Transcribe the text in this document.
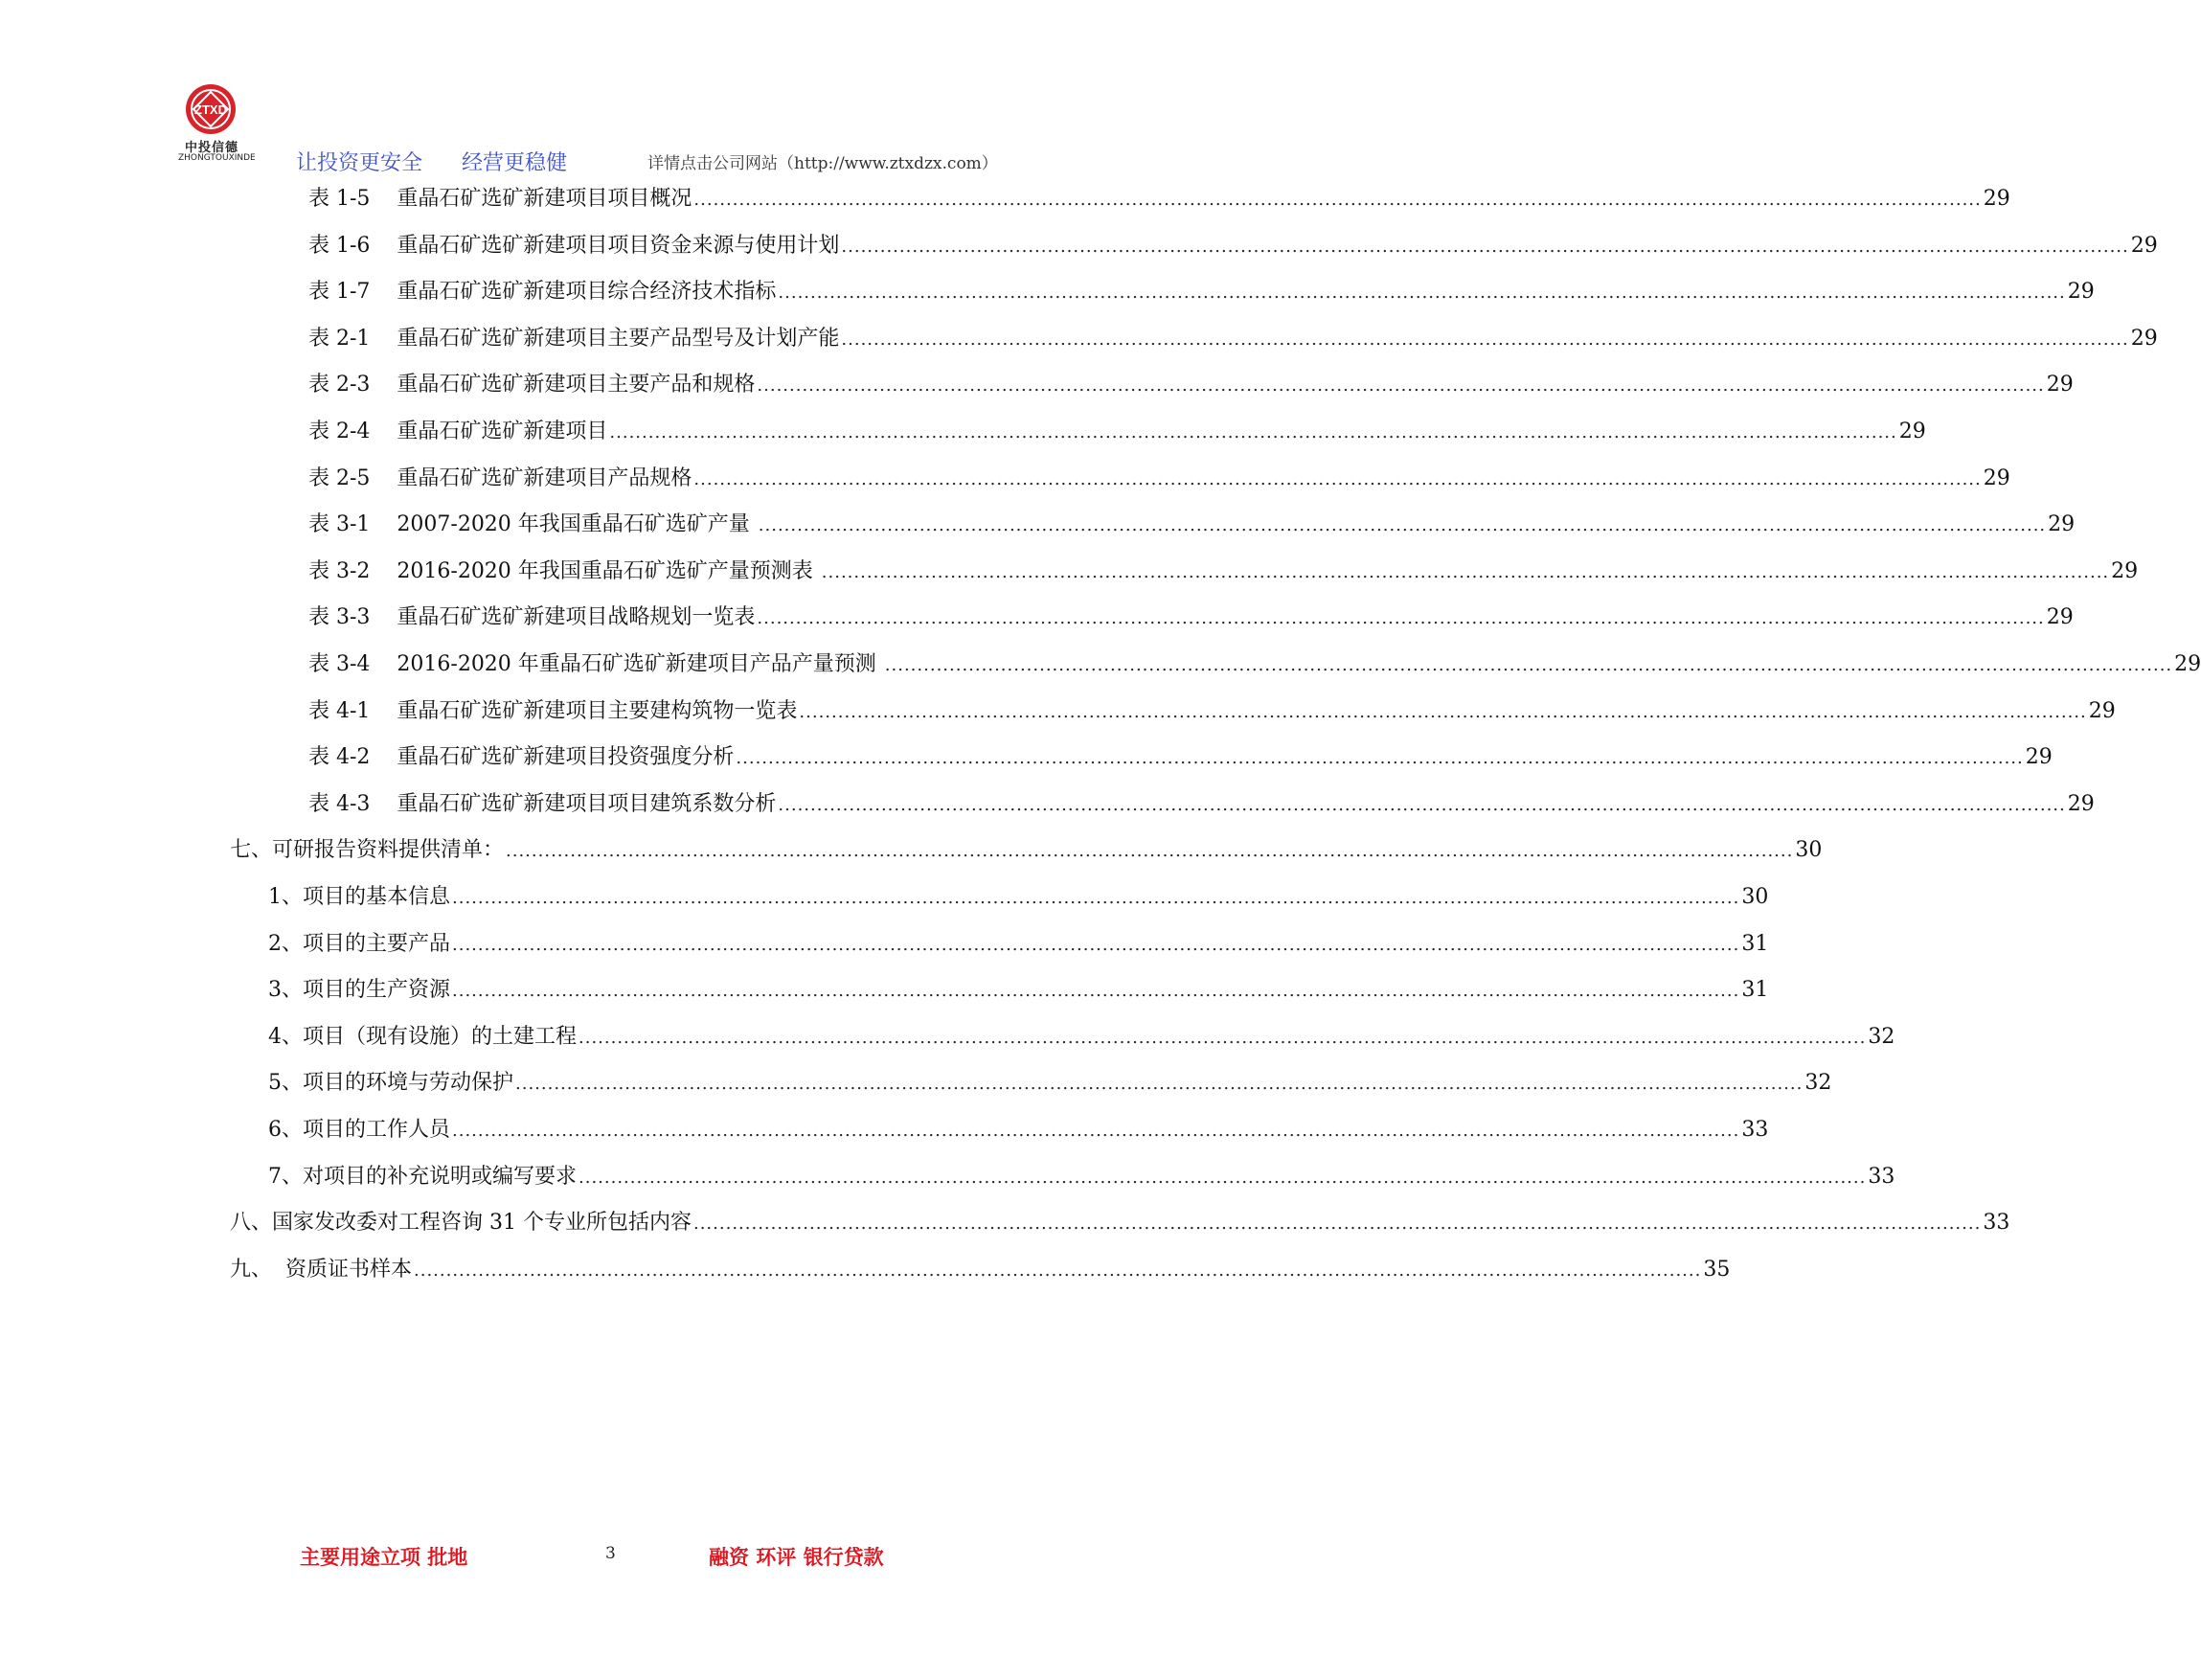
ZTXD
中投信德
ZHONGTOUXINDE 让投资更安全 经营更稳健	详情点击公司网站（http://www.ztxdzx.com）
表 1-5    重晶石矿选矿新建项目项目概况 ........................................................................................................................................................................................................ 29
表 1-6    重晶石矿选矿新建项目项目资金来源与使用计划 ........................................................................................................................................................................................................ 29
表 1-7    重晶石矿选矿新建项目综合经济技术指标 ........................................................................................................................................................................................................ 29
表 2-1    重晶石矿选矿新建项目主要产品型号及计划产能 ........................................................................................................................................................................................................ 29
表 2-3    重晶石矿选矿新建项目主要产品和规格 ........................................................................................................................................................................................................ 29
表 2-4    重晶石矿选矿新建项目 ........................................................................................................................................................................................................ 29
表 2-5    重晶石矿选矿新建项目产品规格 ........................................................................................................................................................................................................ 29
表 3-1    2007-2020 年我国重晶石矿选矿产量 ........................................................................................................................................................................................................ 29
表 3-2    2016-2020 年我国重晶石矿选矿产量预测表 ........................................................................................................................................................................................................ 29
表 3-3    重晶石矿选矿新建项目战略规划一览表 ........................................................................................................................................................................................................ 29
表 3-4    2016-2020 年重晶石矿选矿新建项目产品产量预测 ........................................................................................................................................................................................................ 29
表 4-1    重晶石矿选矿新建项目主要建构筑物一览表 ........................................................................................................................................................................................................ 29
表 4-2    重晶石矿选矿新建项目投资强度分析 ........................................................................................................................................................................................................ 29
表 4-3    重晶石矿选矿新建项目项目建筑系数分析 ........................................................................................................................................................................................................ 29
七、可研报告资料提供清单： ........................................................................................................................................................................................................ 30
1、项目的基本信息 ........................................................................................................................................................................................................ 30
2、项目的主要产品 ........................................................................................................................................................................................................ 31
3、项目的生产资源 ........................................................................................................................................................................................................ 31
4、项目（现有设施）的土建工程 ........................................................................................................................................................................................................ 32
5、项目的环境与劳动保护 ........................................................................................................................................................................................................ 32
6、项目的工作人员 ........................................................................................................................................................................................................ 33
7、对项目的补充说明或编写要求 ........................................................................................................................................................................................................ 33
八、国家发改委对工程咨询 31 个专业所包括内容 ........................................................................................................................................................................................................ 33
九、  资质证书样本 ........................................................................................................................................................................................................ 35
主要用途立项 批地	3	融资 环评 银行贷款
